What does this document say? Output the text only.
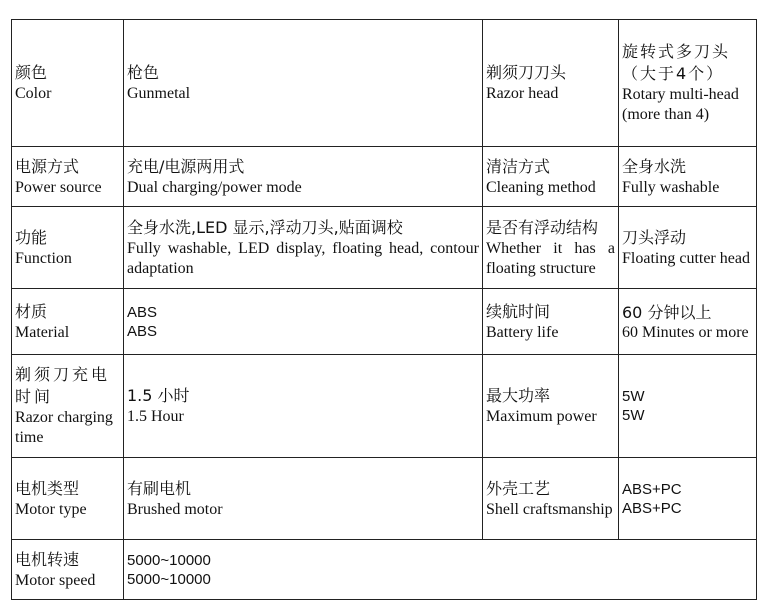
颜色
Color	枪色
Gunmetal	剃须刀刀头
Razor head	旋转式多刀头（大于4个）
Rotary multi-head (more than 4)

电源方式
Power source	充电/电源两用式
Dual charging/power mode	清洁方式
Cleaning method	全身水洗
Fully washable

功能
Function	全身水洗,LED 显示,浮动刀头,贴面调校
Fully washable, LED display, floating head, contour adaptation	是否有浮动结构
Whether it has a floating structure	刀头浮动
Floating cutter head

材质
Material	ABS
ABS	续航时间
Battery life	60 分钟以上
60 Minutes or more

剃须刀充电时间
Razor charging time	1.5 小时
1.5 Hour	最大功率
Maximum power	5W
5W

电机类型
Motor type	有刷电机
Brushed motor	外壳工艺
Shell craftsmanship	ABS+PC
ABS+PC

电机转速
Motor speed	5000~10000
5000~10000		
